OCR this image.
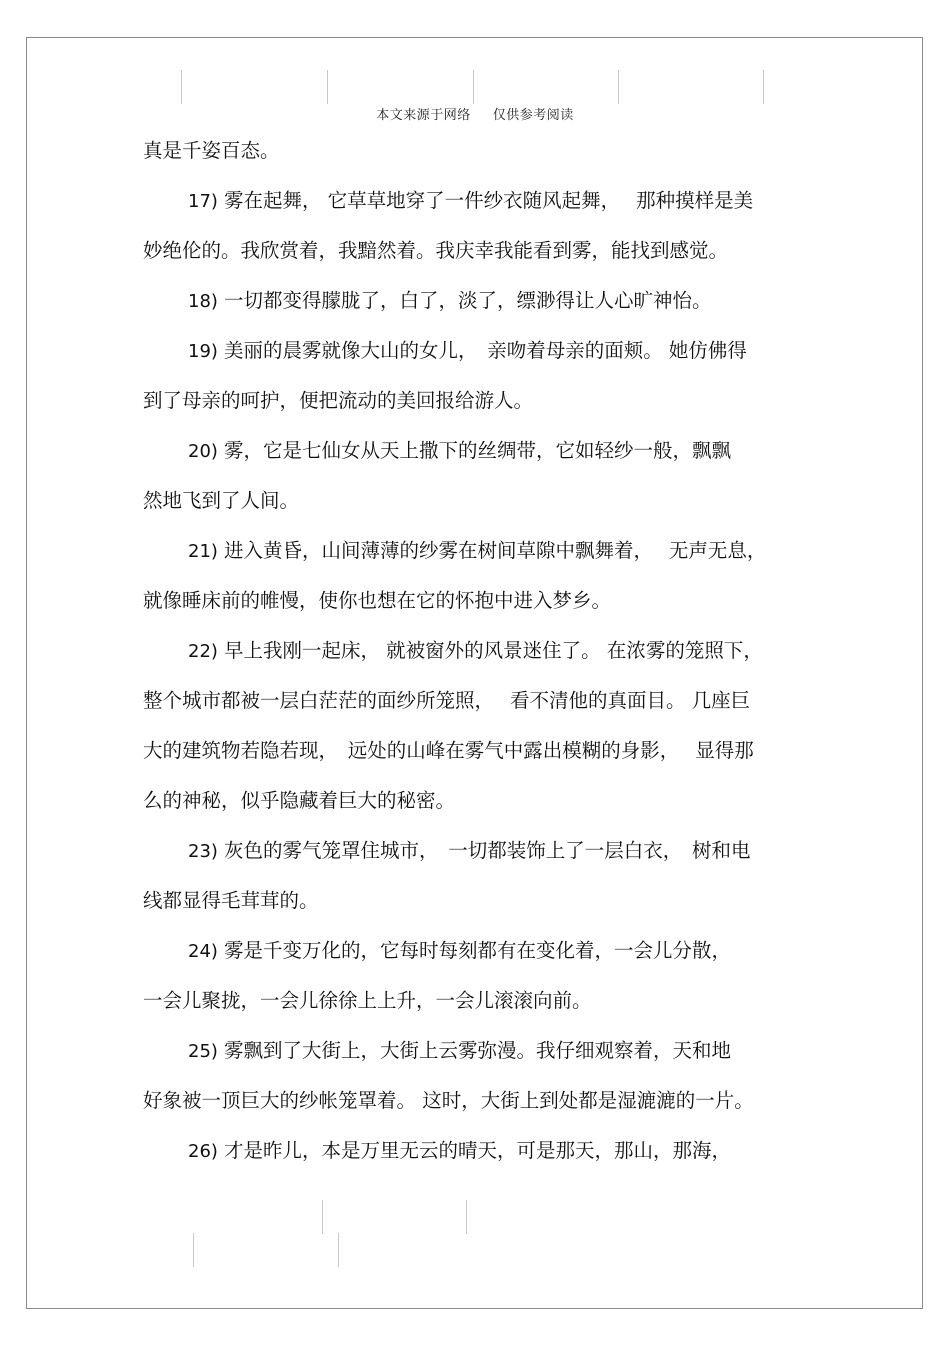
本文来源于网络 仅供参考阅读
真是千姿百态。
17) 雾在起舞， 它草草地穿了一件纱衣随风起舞，　 那种摸样是美
妙绝伦的。我欣赏着，我黯然着。我庆幸我能看到雾，能找到感觉。
18) 一切都变得朦胧了，白了，淡了，缥渺得让人心旷神怡。
19) 美丽的晨雾就像大山的女儿，　亲吻着母亲的面颊。 她仿佛得
到了母亲的呵护，便把流动的美回报给游人。
20) 雾，它是七仙女从天上撒下的丝绸带，它如轻纱一般，飘飘
然地飞到了人间。
21) 进入黄昏，山间薄薄的纱雾在树间草隙中飘舞着，　 无声无息，
就像睡床前的帷慢，使你也想在它的怀抱中进入梦乡。
22) 早上我刚一起床， 就被窗外的风景迷住了。 在浓雾的笼照下，
整个城市都被一层白茫茫的面纱所笼照，　 看不清他的真面目。 几座巨
大的建筑物若隐若现，　远处的山峰在雾气中露出模糊的身影，　 显得那
么的神秘，似乎隐藏着巨大的秘密。
23) 灰色的雾气笼罩住城市，　一切都装饰上了一层白衣，　树和电
线都显得毛茸茸的。
24) 雾是千变万化的，它每时每刻都有在变化着，一会儿分散，
一会儿聚拢，一会儿徐徐上上升，一会儿滚滚向前。
25) 雾飘到了大街上，大街上云雾弥漫。我仔细观察着，天和地
好象被一顶巨大的纱帐笼罩着。 这时，大街上到处都是湿漉漉的一片。
26) 才是昨儿，本是万里无云的晴天，可是那天，那山，那海，
